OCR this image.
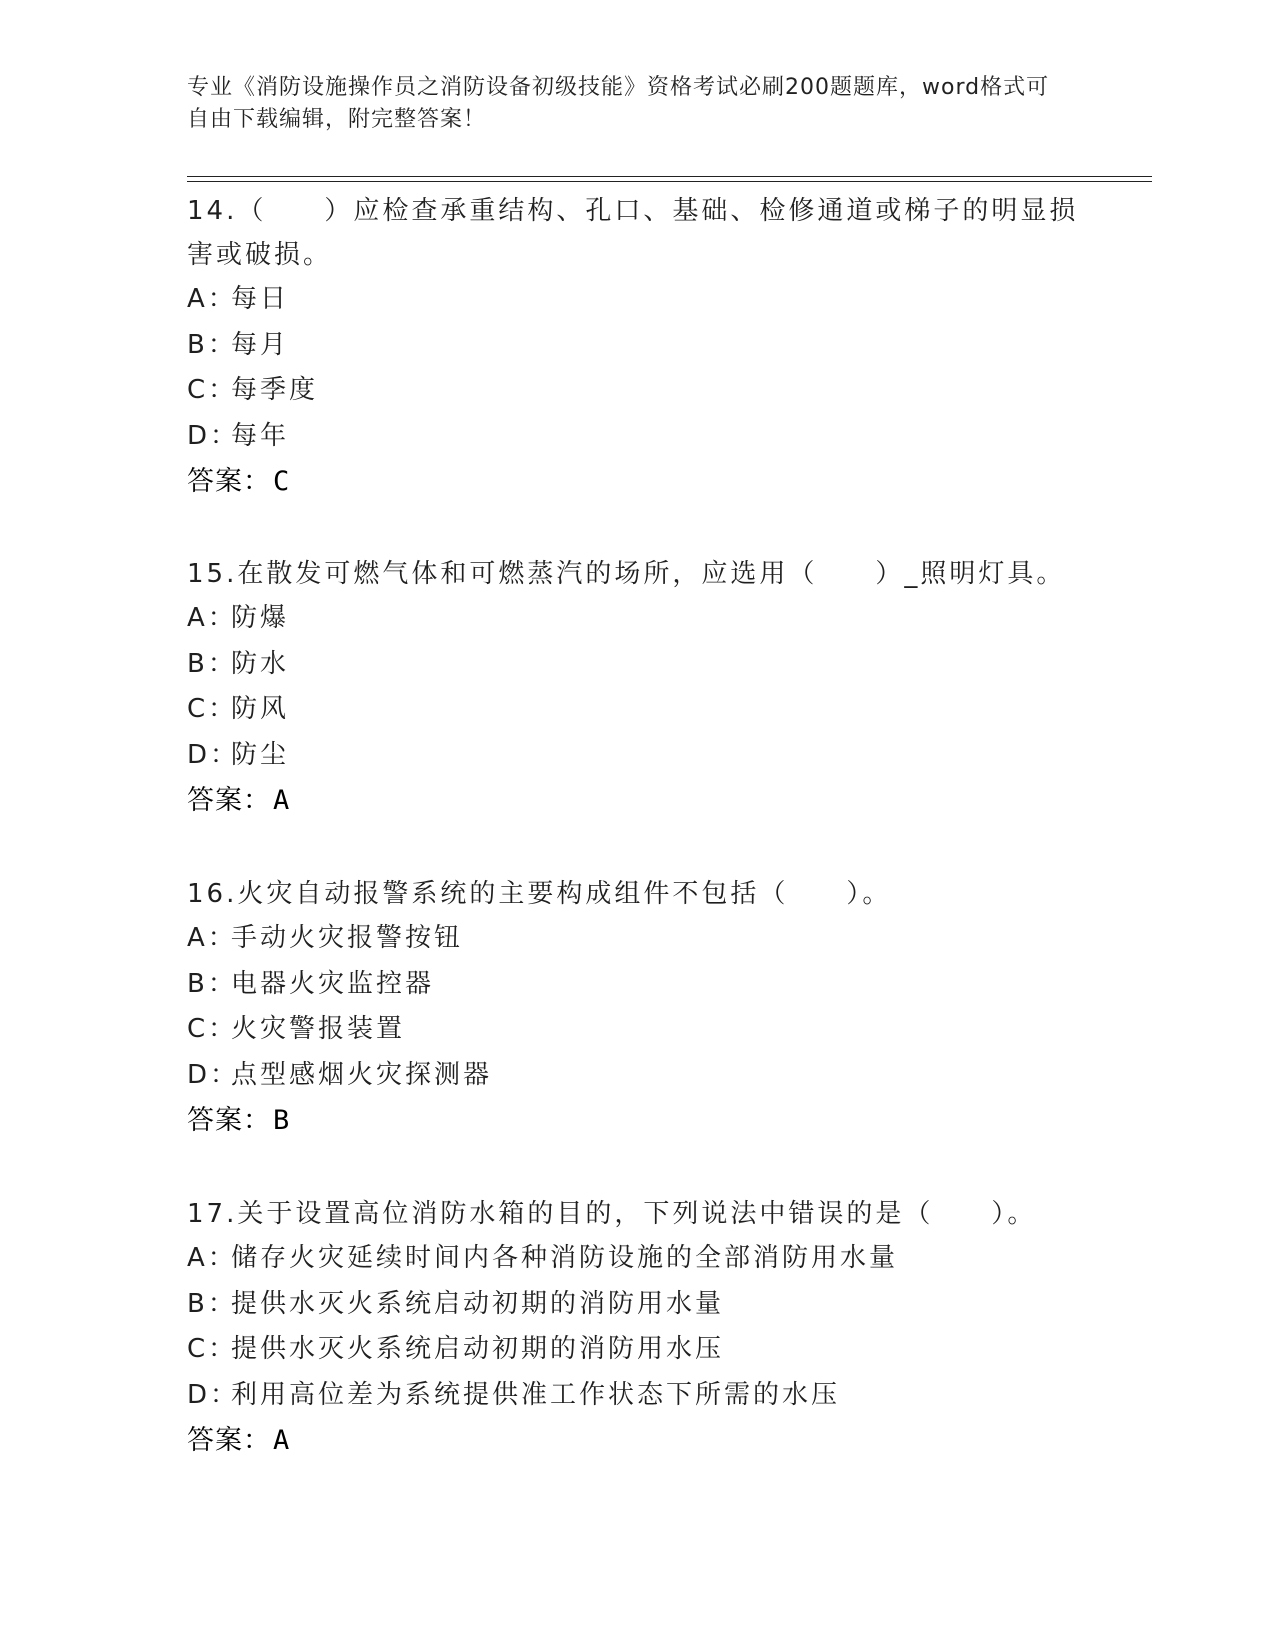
专业《消防设施操作员之消防设备初级技能》资格考试必刷200题题库，word格式可自由下载编辑，附完整答案！

14.（　　）应检查承重结构、孔口、基础、检修通道或梯子的明显损害或破损。

A：每日
B：每月
C：每季度
D：每年
答案：C

15.在散发可燃气体和可燃蒸汽的场所，应选用（　　）_照明灯具。

A：防爆
B：防水
C：防风
D：防尘
答案：A

16.火灾自动报警系统的主要构成组件不包括（　　）。

A：手动火灾报警按钮
B：电器火灾监控器
C：火灾警报装置
D：点型感烟火灾探测器
答案：B

17.关于设置高位消防水箱的目的，下列说法中错误的是（　　）。

A：储存火灾延续时间内各种消防设施的全部消防用水量
B：提供水灭火系统启动初期的消防用水量
C：提供水灭火系统启动初期的消防用水压
D：利用高位差为系统提供准工作状态下所需的水压
答案：A
